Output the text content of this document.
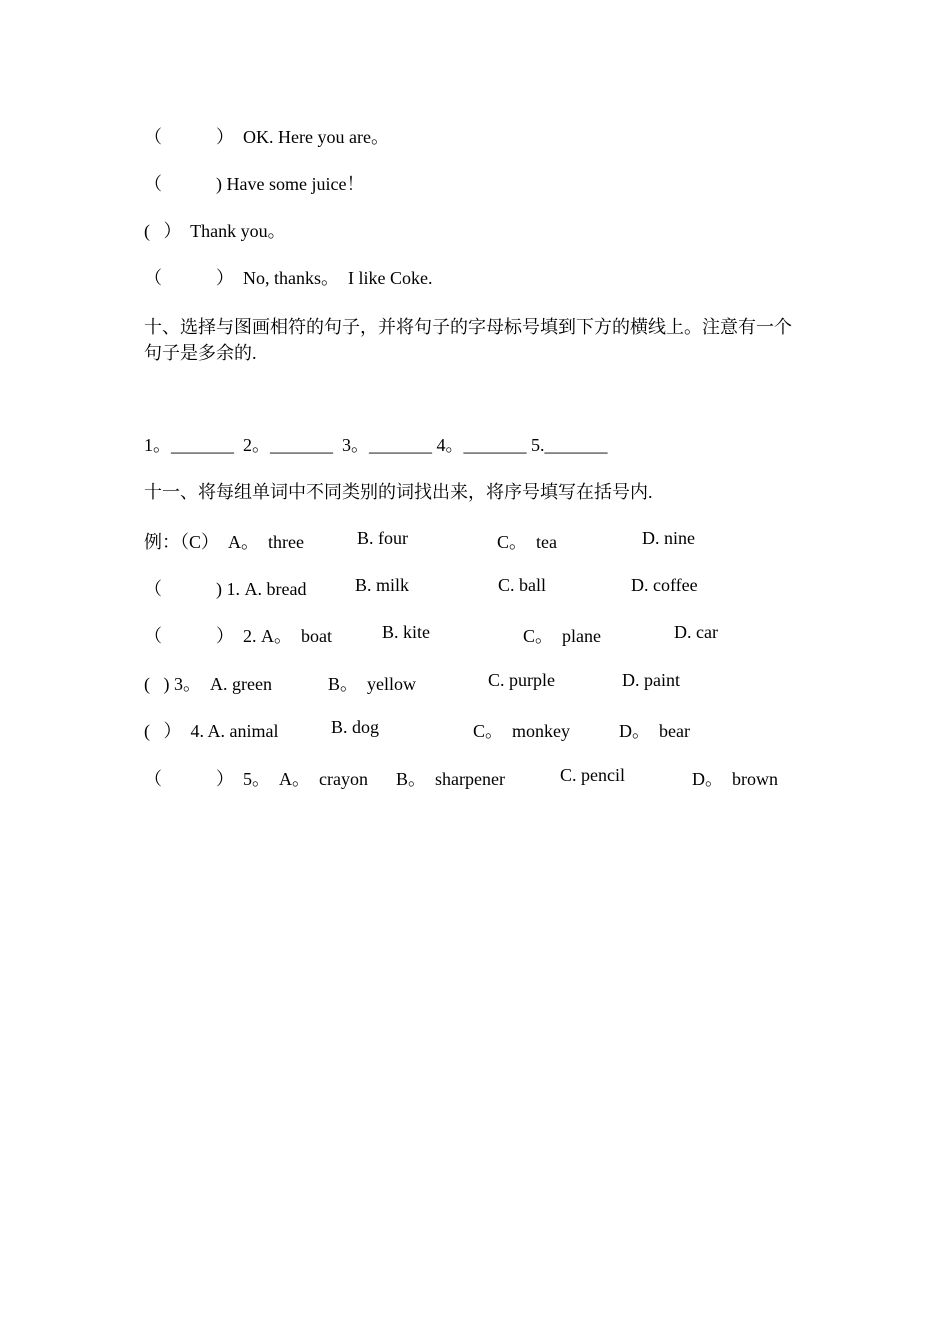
（　　　）  OK. Here you are。
（　　　) Have some juice！
(   ）  Thank you。
（　　　）  No, thanks。  I like Coke.
十、选择与图画相符的句子，并将句子的字母标号填到下方的横线上。注意有一个句子是多余的.
1。_______  2。_______  3。_______ 4。_______ 5._______
十一、将每组单词中不同类别的词找出来，将序号填写在括号内.
例：（C）  A。  three	B. four	C。  tea	D. nine
（　　　) 1. A. bread	B. milk	C. ball	D. coffee
（　　　）  2. A。  boat	B. kite	C。  plane	D. car
(   ) 3。  A. green	B。  yellow	C. purple	D. paint
(   ）  4. A. animal	B. dog	C。  monkey	D。  bear
（　　　）  5。  A。  crayon B。  sharpener	C. pencil	D。  brown
